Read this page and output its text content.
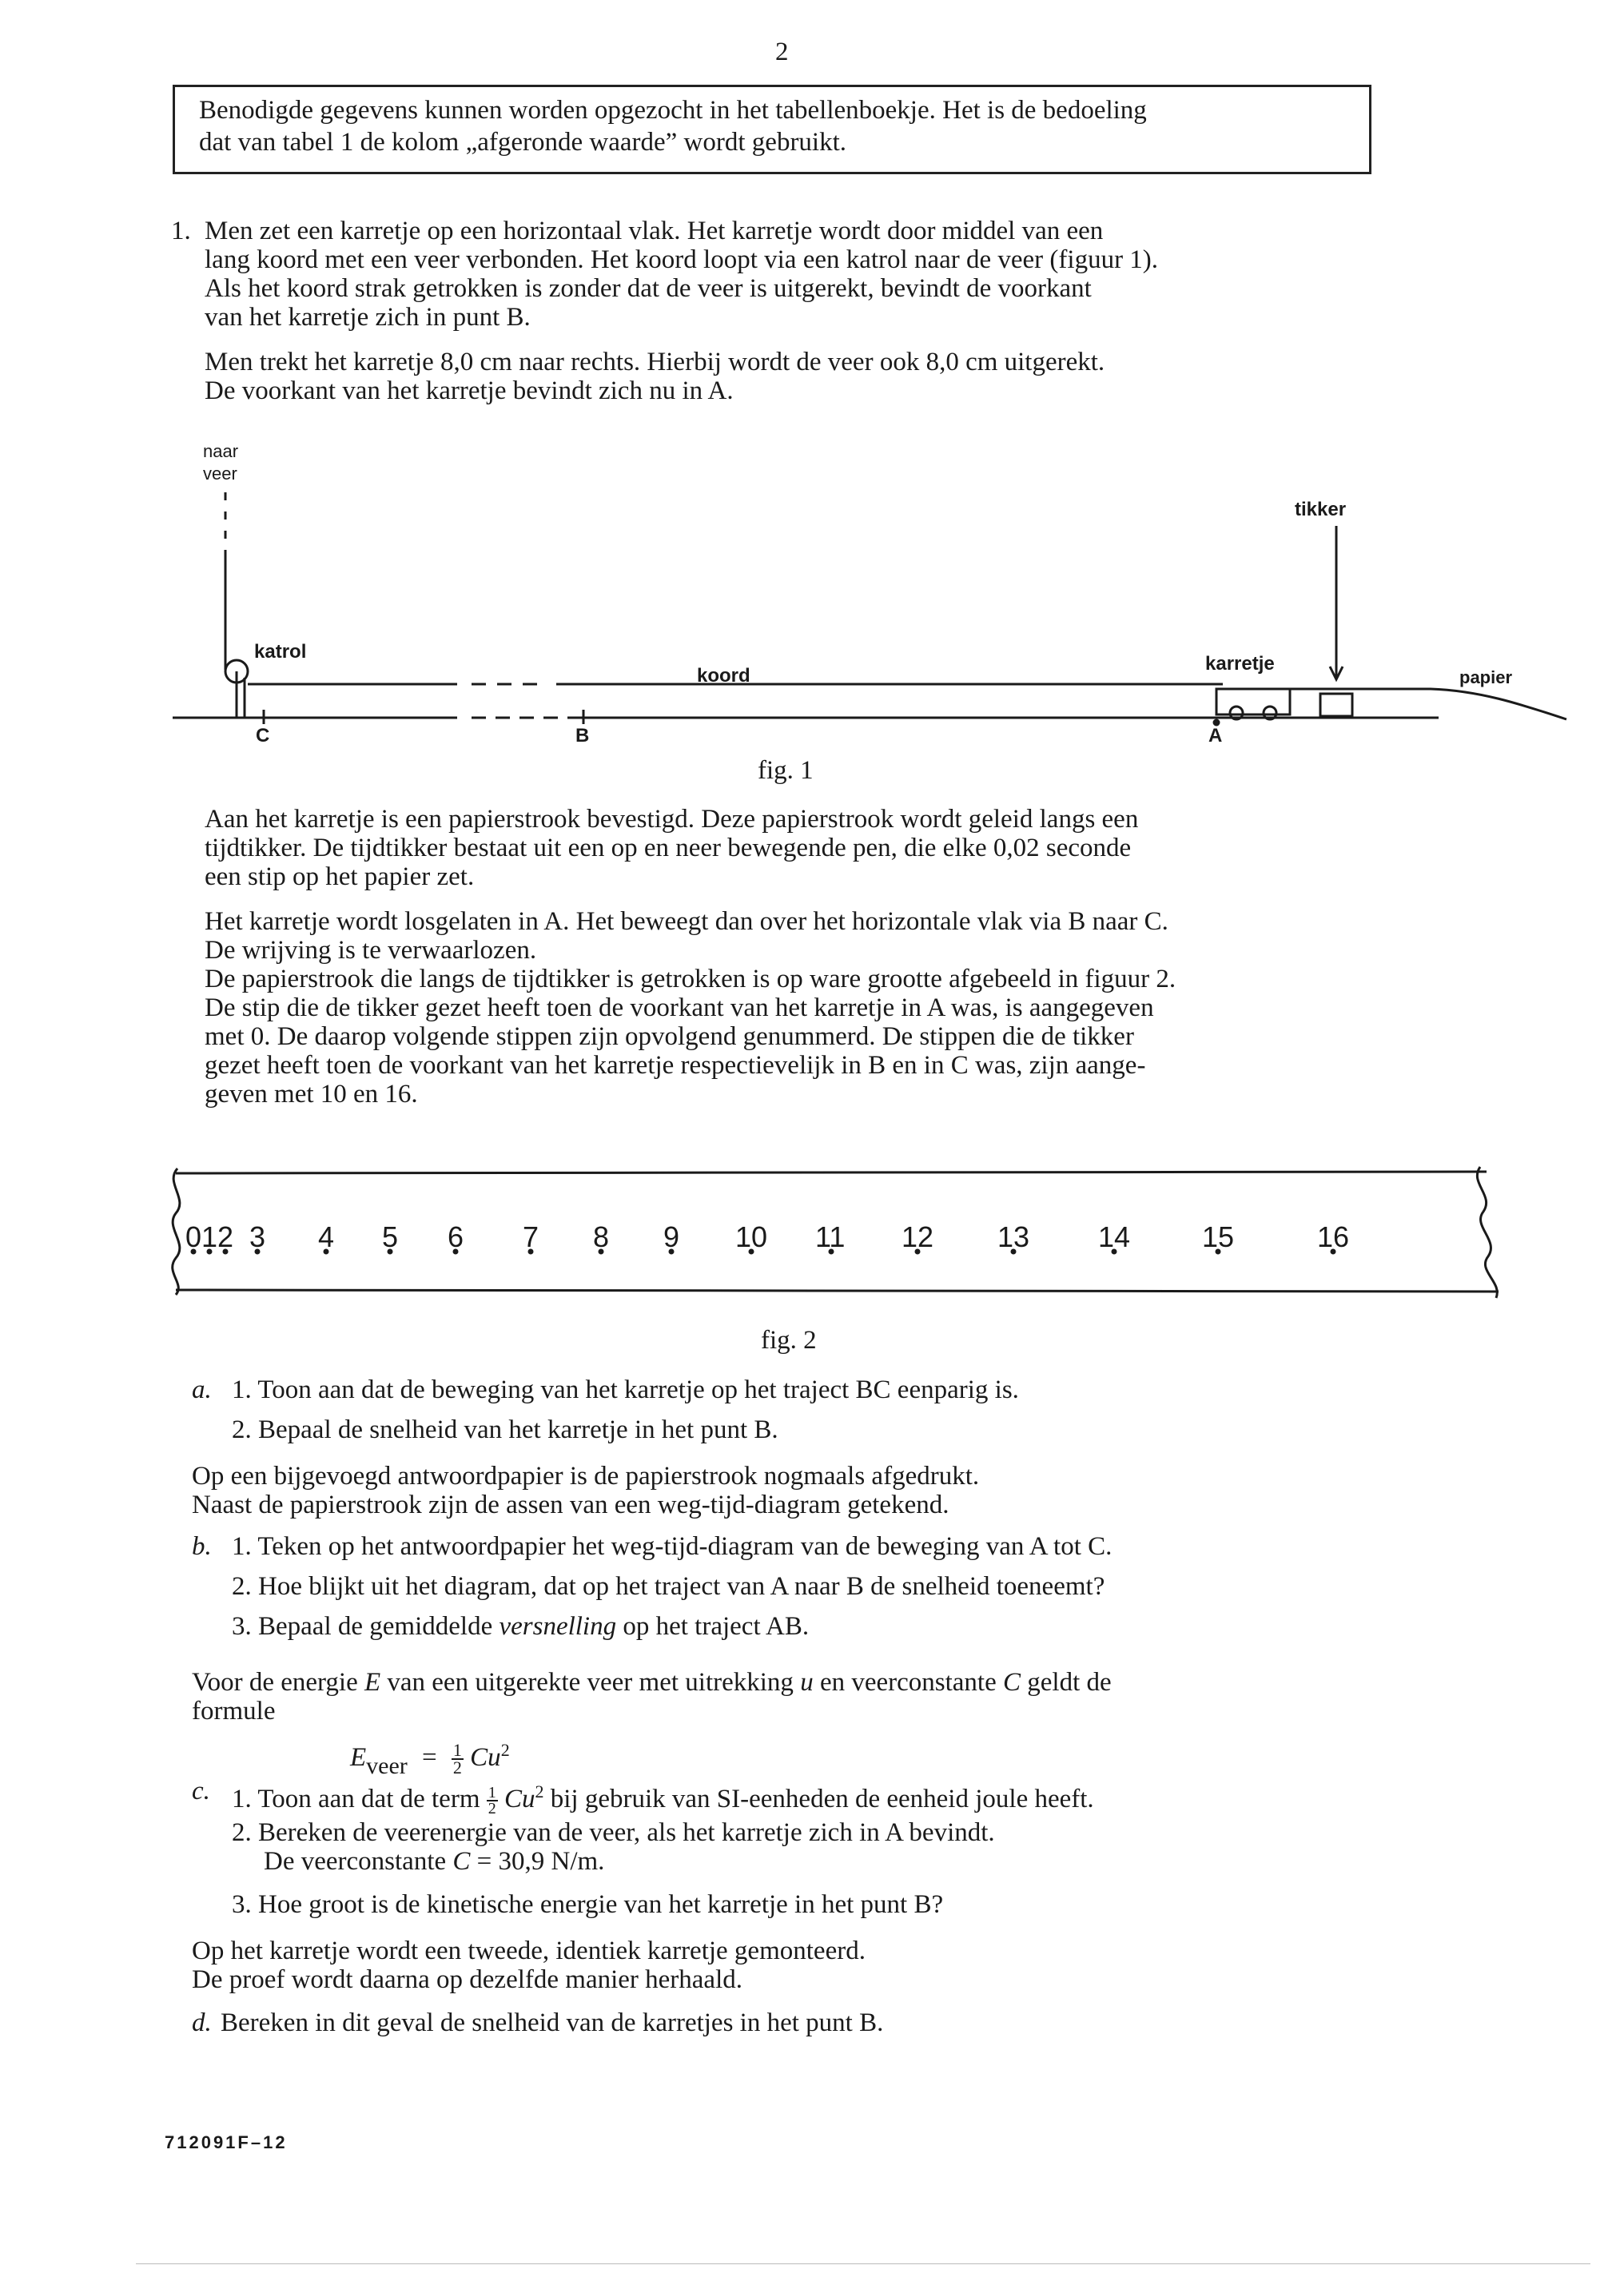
2
Benodigde gegevens kunnen worden opgezocht in het tabellenboekje. Het is de bedoeling
dat van tabel 1 de kolom „afgeronde waarde” wordt gebruikt.
1. Men zet een karretje op een horizontaal vlak. Het karretje wordt door middel van een
lang koord met een veer verbonden. Het koord loopt via een katrol naar de veer (figuur 1).
Als het koord strak getrokken is zonder dat de veer is uitgerekt, bevindt de voorkant
van het karretje zich in punt B.
Men trekt het karretje 8,0 cm naar rechts. Hierbij wordt de veer ook 8,0 cm uitgerekt.
De voorkant van het karretje bevindt zich nu in A.
naar
veer
tikker
katrol
koord
karretje
papier
C	B	A
fig. 1
Aan het karretje is een papierstrook bevestigd. Deze papierstrook wordt geleid langs een
tijdtikker. De tijdtikker bestaat uit een op en neer bewegende pen, die elke 0,02 seconde
een stip op het papier zet.
Het karretje wordt losgelaten in A. Het beweegt dan over het horizontale vlak via B naar C.
De wrijving is te verwaarlozen.
De papierstrook die langs de tijdtikker is getrokken is op ware grootte afgebeeld in figuur 2.
De stip die de tikker gezet heeft toen de voorkant van het karretje in A was, is aangegeven
met 0. De daarop volgende stippen zijn opvolgend genummerd. De stippen die de tikker
gezet heeft toen de voorkant van het karretje respectievelijk in B en in C was, zijn aange-
geven met 10 en 16.
0 1 2 3 4 5 6 7 8 9 10 11 12 13 14 15	16
fig. 2
a. 1. Toon aan dat de beweging van het karretje op het traject BC eenparig is.
2. Bepaal de snelheid van het karretje in het punt B.
Op een bijgevoegd antwoordpapier is de papierstrook nogmaals afgedrukt.
Naast de papierstrook zijn de assen van een weg-tijd-diagram getekend.
b. 1. Teken op het antwoordpapier het weg-tijd-diagram van de beweging van A tot C.
2. Hoe blijkt uit het diagram, dat op het traject van A naar B de snelheid toeneemt?
3. Bepaal de gemiddelde versnelling op het traject AB.
Voor de energie E van een uitgerekte veer met uitrekking u en veerconstante C geldt de
formule
Eveer = $\frac{1}{2} Cu^2$
c. 1. Toon aan dat de term $\frac{1}{2} Cu^2$ bij gebruik van SI-eenheden de eenheid joule heeft.
2. Bereken de veerenergie van de veer, als het karretje zich in A bevindt.
De veerconstante C = 30,9 N/m.
3. Hoe groot is de kinetische energie van het karretje in het punt B?
Op het karretje wordt een tweede, identiek karretje gemonteerd.
De proef wordt daarna op dezelfde manier herhaald.
d. Bereken in dit geval de snelheid van de karretjes in het punt B.
712091F–12
